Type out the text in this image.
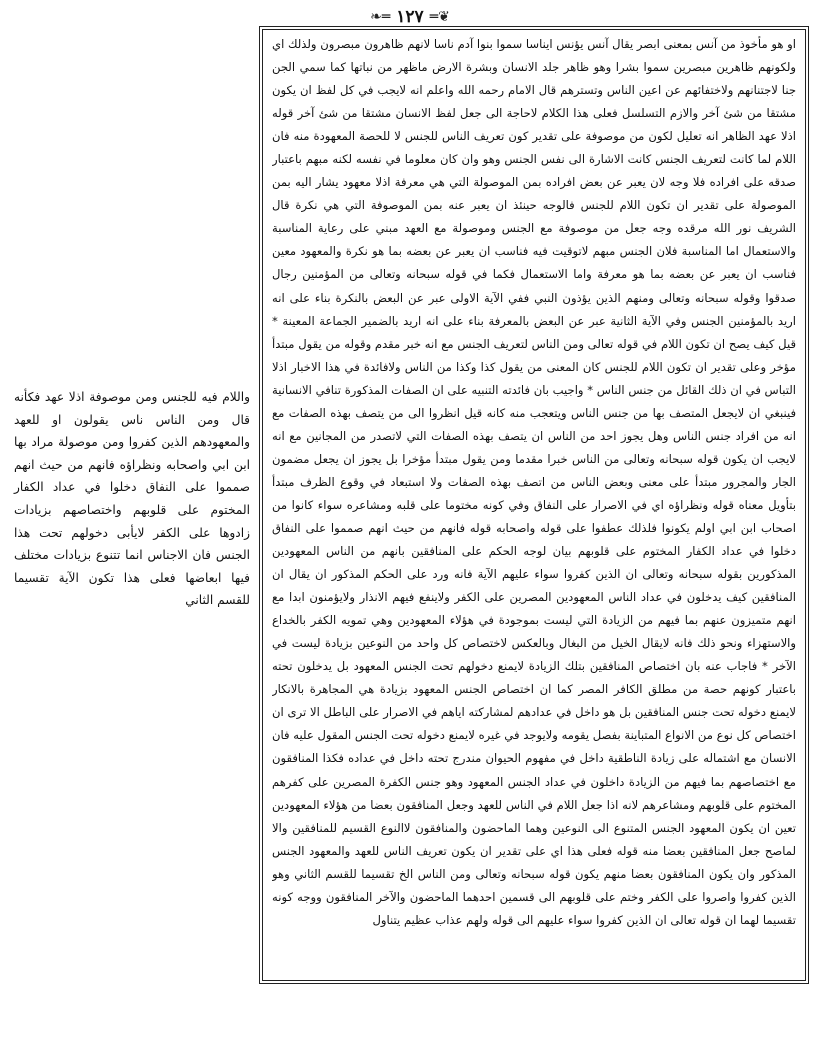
❧═ ١٢٧ ═❦

او هو مأخوذ من آنس بمعنى ابصر يقال آنس يؤنس ايناسا سموا بنوا آدم ناسا لانهم ظاهرون مبصرون ولذلك اي ولكونهم ظاهرين مبصرين سموا بشرا وهو ظاهر جلد الانسان وبشرة الارض ماظهر من نباتها كما سمي الجن جنا لاجتنانهم ولاختفائهم عن اعين الناس وتسترهم قال الامام رحمه الله واعلم انه لايجب في كل لفظ ان يكون مشتقا من شئ آخر والازم التسلسل فعلى هذا الكلام لاحاجة الى جعل لفظ الانسان مشتقا من شئ آخر قوله اذلا عهد الظاهر انه تعليل لكون من موصوفة على تقدير كون تعريف الناس للجنس لا للحصة المعهودة منه فان اللام لما كانت لتعريف الجنس كانت الاشارة الى نفس الجنس وهو وان كان معلوما في نفسه لكنه مبهم باعتبار صدقه على افراده فلا وجه لان يعبر عن بعض افراده بمن الموصولة التي هي معرفة اذلا معهود يشار اليه بمن الموصولة على تقدير ان تكون اللام للجنس فالوجه حينئذ ان يعبر عنه بمن الموصوفة التي هي نكرة قال الشريف نور الله مرقده وجه جعل من موصوفة مع الجنس وموصولة مع العهد مبني على رعاية المناسبة والاستعمال اما المناسبة فلان الجنس مبهم لاتوقيت فيه فناسب ان يعبر عن بعضه بما هو نكرة والمعهود معين فناسب ان يعبر عن بعضه بما هو معرفة واما الاستعمال فكما في قوله سبحانه وتعالى من المؤمنين رجال صدقوا وقوله سبحانه وتعالى ومنهم الذين يؤذون النبي ففي الآية الاولى عبر عن البعض بالنكرة بناء على انه اريد بالمؤمنين الجنس وفي الآية الثانية عبر عن البعض بالمعرفة بناء على انه اريد بالضمير الجماعة المعينة * قيل كيف يصح ان تكون اللام في قوله تعالى ومن الناس لتعريف الجنس مع انه خبر مقدم وقوله من يقول مبتدأ مؤخر وعلى تقدير ان تكون اللام للجنس كان المعنى من يقول كذا وكذا من الناس ولافائدة في هذا الاخبار اذلا التباس في ان ذلك القائل من جنس الناس * واجيب بان فائدته التنبيه على ان الصفات المذكورة تنافي الانسانية فينبغي ان لايجعل المتصف بها من جنس الناس ويتعجب منه كانه قيل انظروا الى من يتصف بهذه الصفات مع انه من افراد جنس الناس وهل يجوز احد من الناس ان يتصف بهذه الصفات التي لاتصدر من المجانين مع انه لايجب ان يكون قوله سبحانه وتعالى من الناس خبرا مقدما ومن يقول مبتدأ مؤخرا بل يجوز ان يجعل مضمون الجار والمجرور مبتدأ على معنى وبعض الناس من اتصف بهذه الصفات ولا استبعاد في وقوع الظرف مبتدأ بتأويل معناه قوله ونظراؤه اي في الاصرار على النفاق وفي كونه مختوما على قلبه ومشاعره سواء كانوا من اصحاب ابن ابي اولم يكونوا فلذلك عطفوا على قوله واصحابه قوله فانهم من حيث انهم صمموا على النفاق دخلوا في عداد الكفار المختوم على قلوبهم بيان لوجه الحكم على المنافقين بانهم من الناس المعهودين المذكورين بقوله سبحانه وتعالى ان الذين كفروا سواء عليهم الآية فانه ورد على الحكم المذكور ان يقال ان المنافقين كيف يدخلون في عداد الناس المعهودين المصرين على الكفر ولاينفع فيهم الانذار ولايؤمنون ابدا مع انهم متميزون عنهم بما فيهم من الزيادة التي ليست بموجودة في هؤلاء المعهودين وهي تمويه الكفر بالخداع والاستهزاء ونحو ذلك فانه لايقال الخيل من البغال وبالعكس لاختصاص كل واحد من النوعين بزيادة ليست في الآخر * فاجاب عنه بان اختصاص المنافقين بتلك الزيادة لايمنع دخولهم تحت الجنس المعهود بل يدخلون تحته باعتبار كونهم حصة من مطلق الكافر المصر كما ان اختصاص الجنس المعهود بزيادة هي المجاهرة بالانكار لايمنع دخوله تحت جنس المنافقين بل هو داخل في عدادهم لمشاركته اياهم في الاصرار على الباطل الا ترى ان اختصاص كل نوع من الانواع المتباينة بفصل يقومه ولايوجد في غيره لايمنع دخوله تحت الجنس المقول عليه فان الانسان مع اشتماله على زيادة الناطقية داخل في مفهوم الحيوان مندرج تحته داخل في عداده فكذا المنافقون مع اختصاصهم بما فيهم من الزيادة داخلون في عداد الجنس المعهود وهو جنس الكفرة المصرين على كفرهم المختوم على قلوبهم ومشاعرهم لانه اذا جعل اللام في الناس للعهد وجعل المنافقون بعضا من هؤلاء المعهودين تعين ان يكون المعهود الجنس المتنوع الى النوعين وهما الماحضون والمنافقون لاالنوع القسيم للمنافقين والا لماصح جعل المنافقين بعضا منه قوله فعلى هذا اي على تقدير ان يكون تعريف الناس للعهد والمعهود الجنس المذكور وان يكون المنافقون بعضا منهم يكون قوله سبحانه وتعالى ومن الناس الخ تقسيما للقسم الثاني وهو الذين كفروا واصروا على الكفر وختم على قلوبهم الى قسمين احدهما الماحضون والآخر المنافقون ووجه كونه تقسيما لهما ان قوله تعالى ان الذين كفروا سواء عليهم الى قوله ولهم عذاب عظيم يتناول

واللام فيه للجنس ومن موصوفة اذلا عهد فكأنه قال ومن الناس ناس يقولون او للعهد والمعهودهم الذين كفروا ومن موصولة مراد بها ابن ابي واصحابه ونظراؤه فانهم من حيث انهم صمموا على النفاق دخلوا في عداد الكفار المختوم على قلوبهم واختصاصهم بزيادات زادوها على الكفر لايأبى دخولهم تحت هذا الجنس فان الاجناس انما تتنوع بزيادات مختلف فيها ابعاضها فعلى هذا تكون الآية تقسيما للقسم الثاني
